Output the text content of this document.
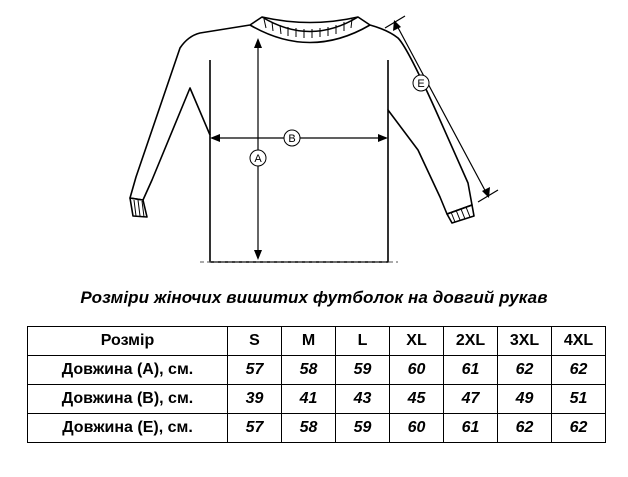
A
B
E
Розміри жіночих вишитих футболок на довгий рукав
Розмір	S	M	L	XL	2XL	3XL	4XL
Довжина (А), см.	57	58	59	60	61	62	62
Довжина (В), см.	39	41	43	45	47	49	51
Довжина (Е), см.	57	58	59	60	61	62	62
